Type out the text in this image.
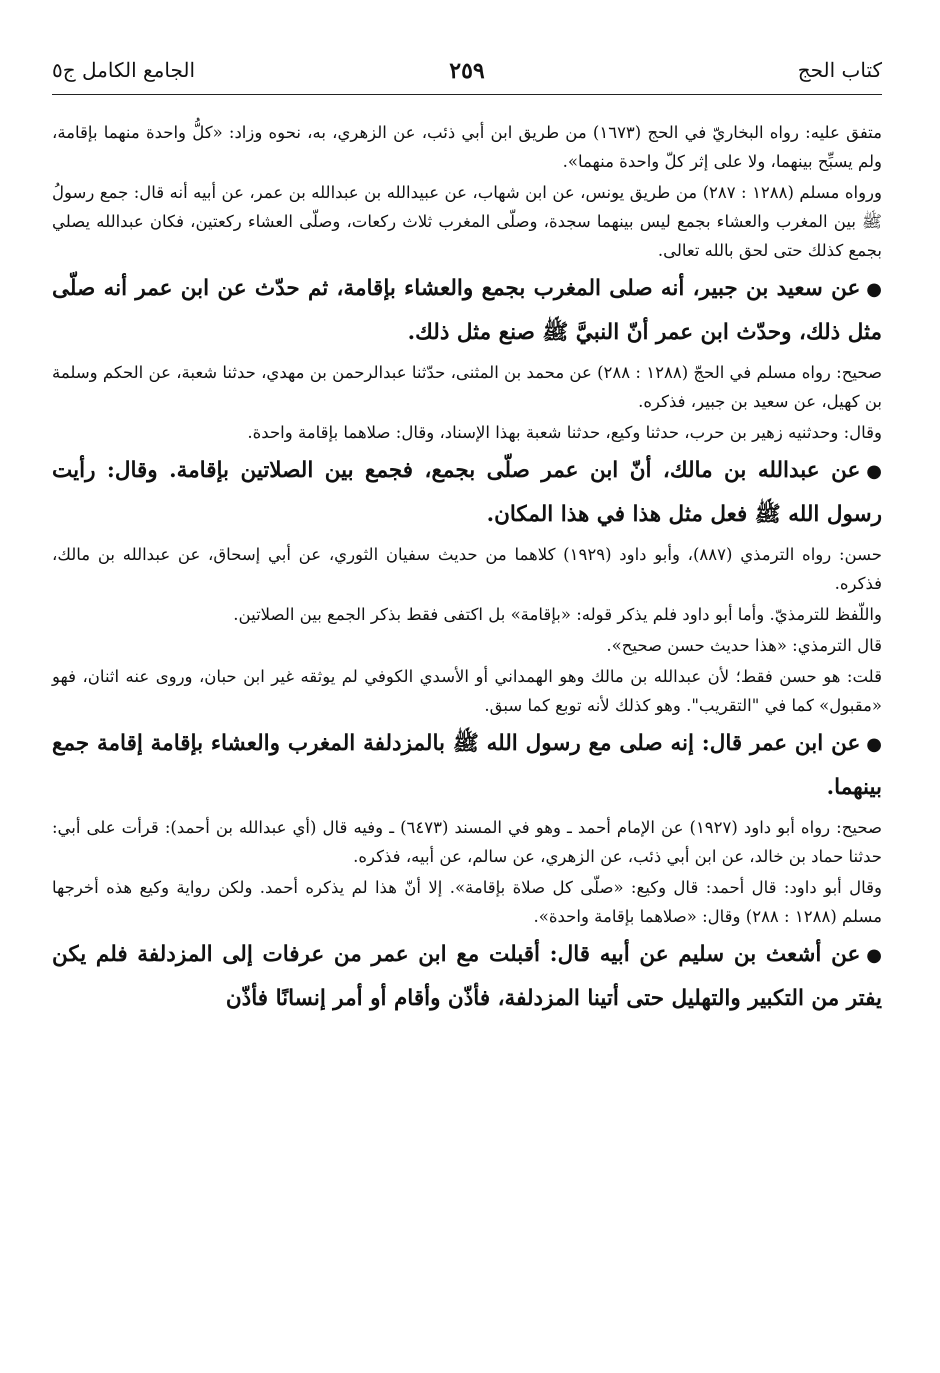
كتاب الحج
٢٥٩
الجامع الكامل ج٥

متفق عليه: رواه البخاريّ في الحج (١٦٧٣) من طريق ابن أبي ذئب، عن الزهري، به، نحوه وزاد: «كلُّ واحدة منهما بإقامة، ولم يسبِّح بينهما، ولا على إثر كلّ واحدة منهما».

ورواه مسلم (١٢٨٨ : ٢٨٧) من طريق يونس، عن ابن شهاب، عن عبيدالله بن عبدالله بن عمر، عن أبيه أنه قال: جمع رسولُ ﷺ بين المغرب والعشاء بجمع ليس بينهما سجدة، وصلّى المغرب ثلاث ركعات، وصلّى العشاء ركعتين، فكان عبدالله يصلي بجمع كذلك حتى لحق بالله تعالى.

●عن سعيد بن جبير، أنه صلى المغرب بجمع والعشاء بإقامة، ثم حدّث عن ابن عمر أنه صلّى مثل ذلك، وحدّث ابن عمر أنّ النبيَّ ﷺ صنع مثل ذلك.

صحيح: رواه مسلم في الحجّ (١٢٨٨ : ٢٨٨) عن محمد بن المثنى، حدّثنا عبدالرحمن بن مهدي، حدثنا شعبة، عن الحكم وسلمة بن كهيل، عن سعيد بن جبير، فذكره.

وقال: وحدثنيه زهير بن حرب، حدثنا وكيع، حدثنا شعبة بهذا الإسناد، وقال: صلاهما بإقامة واحدة.

●عن عبدالله بن مالك، أنّ ابن عمر صلّى بجمع، فجمع بين الصلاتين بإقامة. وقال: رأيت رسول الله ﷺ فعل مثل هذا في هذا المكان.

حسن: رواه الترمذي (٨٨٧)، وأبو داود (١٩٢٩) كلاهما من حديث سفيان الثوري، عن أبي إسحاق، عن عبدالله بن مالك، فذكره.

واللّفظ للترمذيّ. وأما أبو داود فلم يذكر قوله: «بإقامة» بل اكتفى فقط بذكر الجمع بين الصلاتين.

قال الترمذي: «هذا حديث حسن صحيح».

قلت: هو حسن فقط؛ لأن عبدالله بن مالك وهو الهمداني أو الأسدي الكوفي لم يوثقه غير ابن حبان، وروى عنه اثنان، فهو «مقبول» كما في "التقريب". وهو كذلك لأنه توبع كما سبق.

●عن ابن عمر قال: إنه صلى مع رسول الله ﷺ بالمزدلفة المغرب والعشاء بإقامة إقامة جمع بينهما.

صحيح: رواه أبو داود (١٩٢٧) عن الإمام أحمد ـ وهو في المسند (٦٤٧٣) ـ وفيه قال (أي عبدالله بن أحمد): قرأت على أبي: حدثنا حماد بن خالد، عن ابن أبي ذئب، عن الزهري، عن سالم، عن أبيه، فذكره.

وقال أبو داود: قال أحمد: قال وكيع: «صلّى كل صلاة بإقامة». إلا أنّ هذا لم يذكره أحمد. ولكن رواية وكيع هذه أخرجها مسلم (١٢٨٨ : ٢٨٨) وقال: «صلاهما بإقامة واحدة».

●عن أشعث بن سليم عن أبيه قال: أقبلت مع ابن عمر من عرفات إلى المزدلفة فلم يكن يفتر من التكبير والتهليل حتى أتينا المزدلفة، فأذّن وأقام أو أمر إنسانًا فأذّن
